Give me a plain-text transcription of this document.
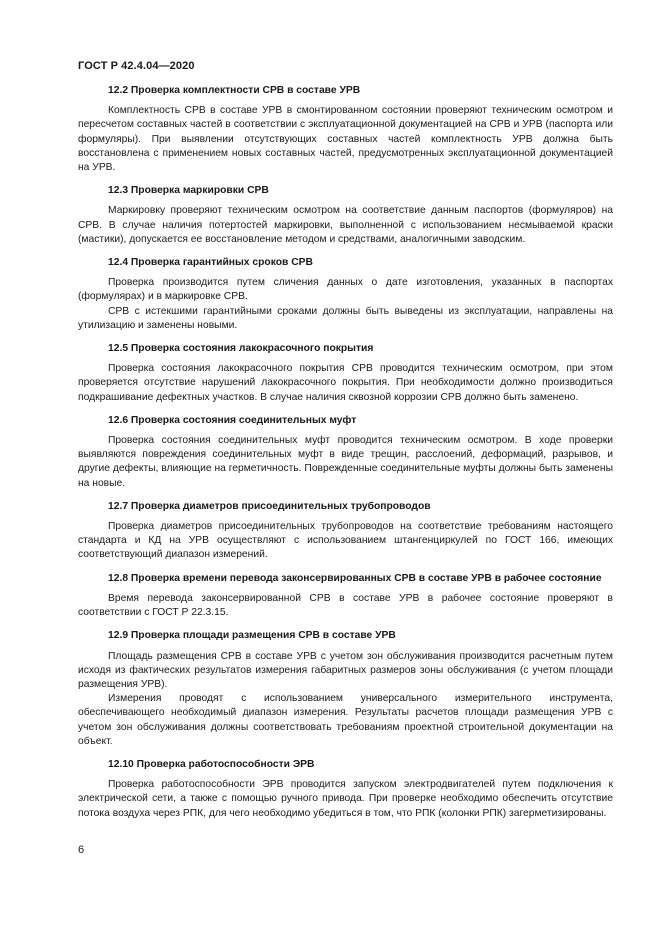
ГОСТ Р 42.4.04—2020
12.2 Проверка комплектности СРВ в составе УРВ

Комплектность СРВ в составе УРВ в смонтированном состоянии проверяют техническим осмотром и пересчетом составных частей в соответствии с эксплуатационной документацией на СРВ и УРВ (паспорта или формуляры). При выявлении отсутствующих составных частей комплектность УРВ должна быть восстановлена с применением новых составных частей, предусмотренных эксплуатационной документацией на УРВ.

12.3 Проверка маркировки СРВ

Маркировку проверяют техническим осмотром на соответствие данным паспортов (формуляров) на СРВ. В случае наличия потертостей маркировки, выполненной с использованием несмываемой краски (мастики), допускается ее восстановление методом и средствами, аналогичными заводским.

12.4 Проверка гарантийных сроков СРВ

Проверка производится путем сличения данных о дате изготовления, указанных в паспортах (формулярах) и в маркировке СРВ.

СРВ с истекшими гарантийными сроками должны быть выведены из эксплуатации, направлены на утилизацию и заменены новыми.

12.5 Проверка состояния лакокрасочного покрытия

Проверка состояния лакокрасочного покрытия СРВ проводится техническим осмотром, при этом проверяется отсутствие нарушений лакокрасочного покрытия. При необходимости должно производиться подкрашивание дефектных участков. В случае наличия сквозной коррозии СРВ должно быть заменено.

12.6 Проверка состояния соединительных муфт

Проверка состояния соединительных муфт проводится техническим осмотром. В ходе проверки выявляются повреждения соединительных муфт в виде трещин, расслоений, деформаций, разрывов, и другие дефекты, влияющие на герметичность. Поврежденные соединительные муфты должны быть заменены на новые.

12.7 Проверка диаметров присоединительных трубопроводов

Проверка диаметров присоединительных трубопроводов на соответствие требованиям настоящего стандарта и КД на УРВ осуществляют с использованием штангенциркулей по ГОСТ 166, имеющих соответствующий диапазон измерений.

12.8 Проверка времени перевода законсервированных СРВ в составе УРВ в рабочее состояние

Время перевода законсервированной СРВ в составе УРВ в рабочее состояние проверяют в соответствии с ГОСТ Р 22.3.15.

12.9 Проверка площади размещения СРВ в составе УРВ

Площадь размещения СРВ в составе УРВ с учетом зон обслуживания производится расчетным путем исходя из фактических результатов измерения габаритных размеров зоны обслуживания (с учетом площади размещения УРВ).

Измерения проводят с использованием универсального измерительного инструмента, обеспечивающего необходимый диапазон измерения. Результаты расчетов площади размещения УРВ с учетом зон обслуживания должны соответствовать требованиям проектной строительной документации на объект.

12.10 Проверка работоспособности ЭРВ

Проверка работоспособности ЭРВ проводится запуском электродвигателей путем подключения к электрической сети, а также с помощью ручного привода. При проверке необходимо обеспечить отсутствие потока воздуха через РПК, для чего необходимо убедиться в том, что РПК (колонки РПК) загерметизированы.

6
